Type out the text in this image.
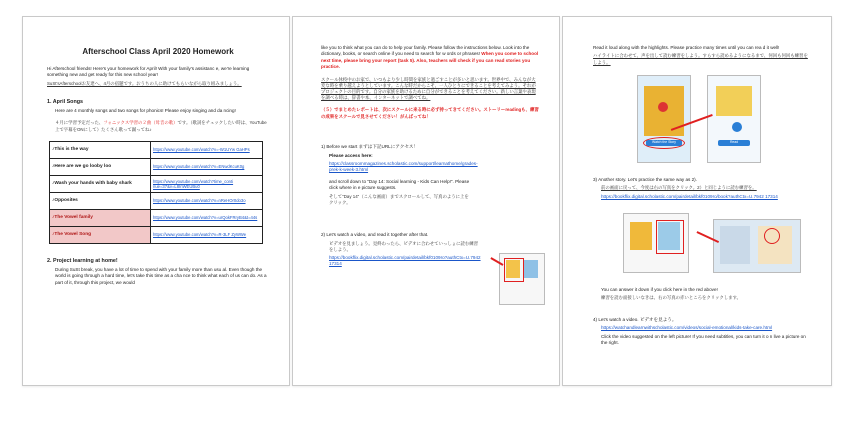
Afterschool Class April 2020 Homework

Hi Afterschool friends! Here's your homework for April! With your family's assistanc e, we're learning something new and get ready for this new school year!

SuSt'sAfterschoolお友達へ、4月の宿題です。おうちの人に助けてもらいながら取り組みましょう。

1. April Songs

Here are 4 monthly songs and two songs for phonics! Please enjoy singing and da ncing!

４月に学習予定だった、フォニックス学習の２曲（母音の歌）です。（歌詞をチェックしたい時は、YouTube上で字幕をONにして）たくさん歌って踊ってね♪

♪This is the way	https://www.youtube.com/watch?v=-W1UYw GaHPs
♪Here are we go looby loo	https://www.youtube.com/watch?v=ENwdKcuK0g
♪Wash your hands with baby shark	https://www.youtube.com/watch?time_conti nue=37&v=L8InWEUBu0
♪Opposites	https://www.youtube.com/watch?v=nReHOr0do3o
♪The Vowel family	https://www.youtube.com/watch?v=urQokFRryB4&t=44s
♪The Vowel Song	https://www.youtube.com/watch?v=R-3LF ZyWWe
2. Project learning at home!

During SuSt break, you have a lot of time to spend with your family more than usu al. Even though the world is going through a hard time, let's take this time as a cha nce to think what each of us can do. As a part of it, through this project, we would

like you to think what you can do to help your family. Please follow the instructions below. Look into the dictionary, books, or search online if you need to search for w ords or phrases! When you come to school next time, please bring your report (task 5). Also, teachers will check if you can read stories you practice.

スクール休校中のお家で、いつもより少し時間を家族と過ごすことが多いと思います。世界中で、みんなが大変な時を乗り越えようとしています。こんな時だからこそ、一人ひとりにできることを考えてみよう。それがプロジェクトの目的です。自分の家族を助けるために自分ができることを考えてください。新しい言葉や表現を調べる時は、辞書や本、インターネットで調べてね。

（５）でまとめたレポートは、次にスクールに来る時に必ず持ってきてください。ストーリーreadingも、練習の成果をスクールで見させてください！がんばってね！

1) Before we start まずは下記URLにアクセス！

Please access here:

https://classroommagazines.scholastic.com/support/learnathome/grades-prek-k-week-3.html

and scroll down to "Day 14: Social learning - Kids Can Help!". Please click where in e picture suggests.

そして"Day 14"（こんな画面）までスクロールして、写真のように上をクリック。

2) Let's watch a video, and read it together after that.

ビデオを見ましょう。見終わったら、ビデオに合わせていっしょに読む練習をしよう。

https://bookflix.digital.scholastic.com/pairdetail/bkf0109ro?authCtx=U.7942 17314

Read it loud along with the highlights. Please practice many times until you can rea d it well!

ハイライトに合わせて、声を出して読む練習をしよう。すらすら読めるようになるまで、何回も何回も練習をしよう。

Watch the Story	Read

3) Another story. Let's practice the same way as 2).

前の画面に戻って、今度は右の写真をクリック。2）と同じように読む練習を。

https://bookflix.digital.scholastic.com/pairdetail/bkf0109ro/book?authCtx=U.7942 17314

You can answer it down if you click here in the red above!

練習を読む面接しいなきは、右の写真の赤いところをクリックします。

4) Let's watch a video. ビデオを見よう。

https://watchandlearnwithscholastic.com/videos/social-emotional/kids-take-care.html

Click the video suggested on the left picture! If you need subtitles, you can turn it o n live a picture on the right.
